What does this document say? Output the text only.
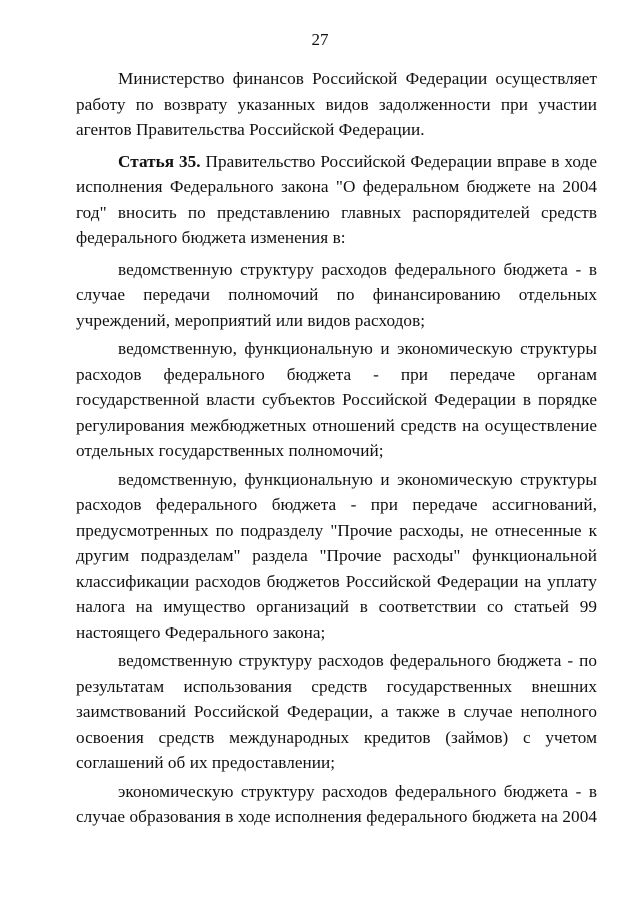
27

Министерство финансов Российской Федерации осуществляет работу по возврату указанных видов задолженности при участии агентов Правительства Российской Федерации.

Статья 35. Правительство Российской Федерации вправе в ходе исполнения Федерального закона "О федеральном бюджете на 2004 год" вносить по представлению главных распорядителей средств федерального бюджета изменения в:

ведомственную структуру расходов федерального бюджета - в случае передачи полномочий по финансированию отдельных учреждений, мероприятий или видов расходов;

ведомственную, функциональную и экономическую структуры расходов федерального бюджета - при передаче органам государственной власти субъектов Российской Федерации в порядке регулирования межбюджетных отношений средств на осуществление отдельных государственных полномочий;

ведомственную, функциональную и экономическую структуры расходов федерального бюджета - при передаче ассигнований, предусмотренных по подразделу "Прочие расходы, не отнесенные к другим подразделам" раздела "Прочие расходы" функциональной классификации расходов бюджетов Российской Федерации на уплату налога на имущество организаций в соответствии со статьей 99 настоящего Федерального закона;

ведомственную структуру расходов федерального бюджета - по результатам использования средств государственных внешних заимствований Российской Федерации, а также в случае неполного освоения средств международных кредитов (займов) с учетом соглашений об их предоставлении;

экономическую структуру расходов федерального бюджета - в случае образования в ходе исполнения федерального бюджета на 2004
